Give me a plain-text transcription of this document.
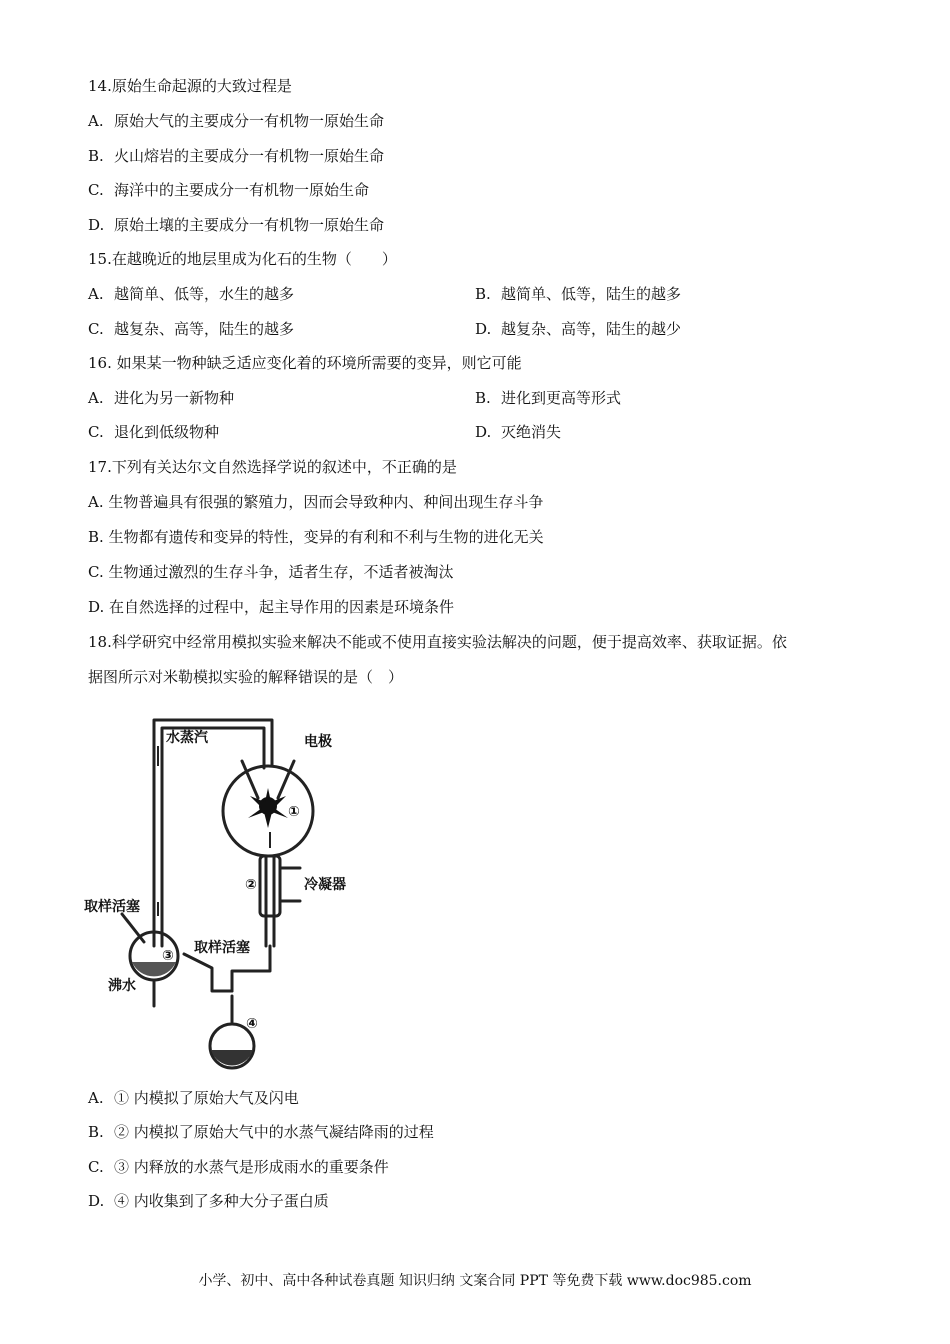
14.原始生命起源的大致过程是
A. 原始大气的主要成分一有机物一原始生命
B. 火山熔岩的主要成分一有机物一原始生命
C. 海洋中的主要成分一有机物一原始生命
D. 原始土壤的主要成分一有机物一原始生命
15.在越晚近的地层里成为化石的生物（　　）
A. 越简单、低等，水生的越多	B. 越简单、低等，陆生的越多
C. 越复杂、高等，陆生的越多	D. 越复杂、高等，陆生的越少
16. 如果某一物种缺乏适应变化着的环境所需要的变异，则它可能
A. 进化为另一新物种	B. 进化到更高等形式
C. 退化到低级物种	D. 灭绝消失
17.下列有关达尔文自然选择学说的叙述中，不正确的是
A. 生物普遍具有很强的繁殖力，因而会导致种内、种间出现生存斗争
B. 生物都有遗传和变异的特性，变异的有利和不利与生物的进化无关
C. 生物通过激烈的生存斗争，适者生存，不适者被淘汰
D. 在自然选择的过程中，起主导作用的因素是环境条件
18.科学研究中经常用模拟实验来解决不能或不使用直接实验法解决的问题，便于提高效率、获取证据。依
据图所示对米勒模拟实验的解释错误的是（　）
水蒸汽	电极
冷凝器
取样活塞
取样活塞
沸水
①
②
③
④
A. ① 内模拟了原始大气及闪电
B. ② 内模拟了原始大气中的水蒸气凝结降雨的过程
C. ③ 内释放的水蒸气是形成雨水的重要条件
D. ④ 内收集到了多种大分子蛋白质
小学、初中、高中各种试卷真题 知识归纳 文案合同 PPT 等免费下载 www.doc985.com
